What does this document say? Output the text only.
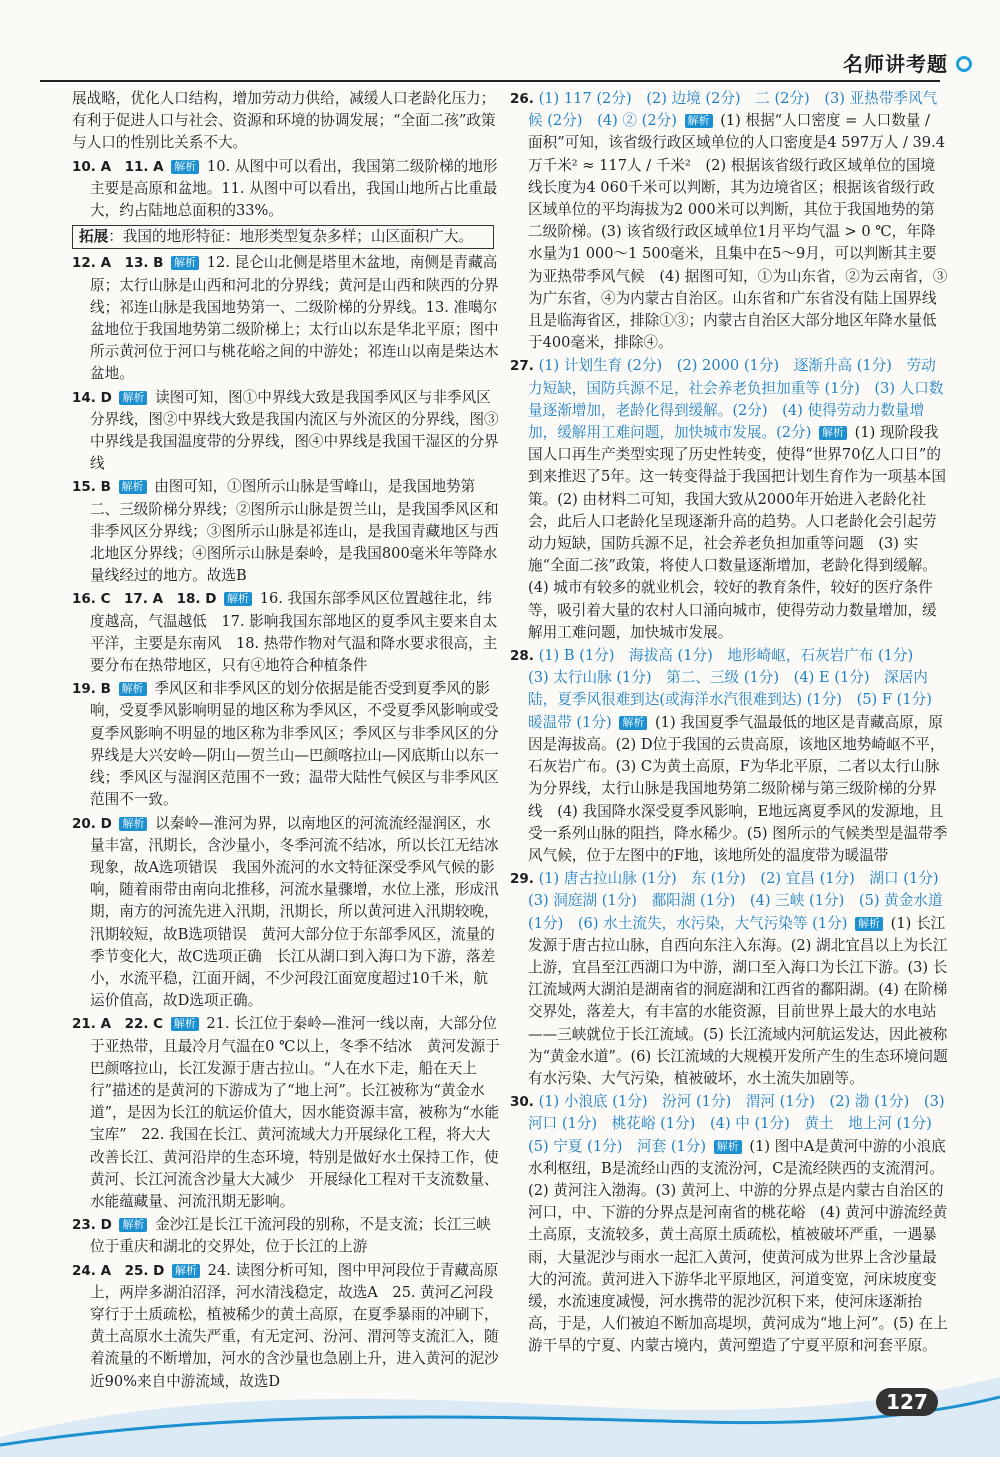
名师讲考题

展战略，优化人口结构，增加劳动力供给，减缓人口老龄化压力；有利于促进人口与社会、资源和环境的协调发展；“全面二孩”政策与人口的性别比关系不大。

10. A　11. A 解析 10. 从图中可以看出，我国第二级阶梯的地形主要是高原和盆地。11. 从图中可以看出，我国山地所占比重最大，约占陆地总面积的33%。

拓展：我国的地形特征：地形类型复杂多样；山区面积广大。

12. A　13. B 解析 12. 昆仑山北侧是塔里木盆地，南侧是青藏高原；太行山脉是山西和河北的分界线；黄河是山西和陕西的分界线；祁连山脉是我国地势第一、二级阶梯的分界线。13. 准噶尔盆地位于我国地势第二级阶梯上；太行山以东是华北平原；图中所示黄河位于河口与桃花峪之间的中游处；祁连山以南是柴达木盆地。

14. D 解析 读图可知，图①中界线大致是我国季风区与非季风区分界线，图②中界线大致是我国内流区与外流区的分界线，图③中界线是我国温度带的分界线，图④中界线是我国干湿区的分界线

15. B 解析 由图可知，①图所示山脉是雪峰山，是我国地势第二、三级阶梯分界线；②图所示山脉是贺兰山，是我国季风区和非季风区分界线；③图所示山脉是祁连山，是我国青藏地区与西北地区分界线；④图所示山脉是秦岭，是我国800毫米年等降水量线经过的地方。故选B

16. C　17. A　18. D 解析 16. 我国东部季风区位置越往北，纬度越高，气温越低　17. 影响我国东部地区的夏季风主要来自太平洋，主要是东南风　18. 热带作物对气温和降水要求很高，主要分布在热带地区，只有④地符合种植条件

19. B 解析 季风区和非季风区的划分依据是能否受到夏季风的影响，受夏季风影响明显的地区称为季风区，不受夏季风影响或受夏季风影响不明显的地区称为非季风区；季风区与非季风区的分界线是大兴安岭—阴山—贺兰山—巴颜喀拉山—冈底斯山以东一线；季风区与湿润区范围不一致；温带大陆性气候区与非季风区范围不一致。

20. D 解析 以秦岭—淮河为界，以南地区的河流流经湿润区，水量丰富，汛期长，含沙量小，冬季河流不结冰，所以长江无结冰现象，故A选项错误　我国外流河的水文特征深受季风气候的影响，随着雨带由南向北推移，河流水量骤增，水位上涨，形成汛期，南方的河流先进入汛期，汛期长，所以黄河进入汛期较晚，汛期较短，故B选项错误　黄河大部分位于东部季风区，流量的季节变化大，故C选项正确　长江从湖口到入海口为下游，落差小，水流平稳，江面开阔，不少河段江面宽度超过10千米，航运价值高，故D选项正确。

21. A　22. C 解析 21. 长江位于秦岭—淮河一线以南，大部分位于亚热带，且最冷月气温在0 ℃以上，冬季不结冰　黄河发源于巴颜喀拉山，长江发源于唐古拉山。“人在水下走，船在天上行”描述的是黄河的下游成为了“地上河”。长江被称为“黄金水道”，是因为长江的航运价值大，因水能资源丰富，被称为“水能宝库”　22. 我国在长江、黄河流域大力开展绿化工程，将大大改善长江、黄河沿岸的生态环境，特别是做好水土保持工作，使黄河、长江河流含沙量大大减少　开展绿化工程对干支流数量、水能蕴藏量、河流汛期无影响。

23. D 解析 金沙江是长江干流河段的别称，不是支流；长江三峡位于重庆和湖北的交界处，位于长江的上游

24. A　25. D 解析 24. 读图分析可知，图中甲河段位于青藏高原上，两岸多湖泊沼泽，河水清浅稳定，故选A　25. 黄河乙河段穿行于土质疏松，植被稀少的黄土高原，在夏季暴雨的冲刷下，黄土高原水土流失严重，有无定河、汾河、渭河等支流汇入，随着流量的不断增加，河水的含沙量也急剧上升，进入黄河的泥沙近90%来自中游流域，故选D

26. (1) 117 (2分)　(2) 边境 (2分)　二 (2分)　(3) 亚热带季风气候 (2分)　(4) ② (2分) 解析 (1) 根据“人口密度 = 人口数量 / 面积”可知，该省级行政区域单位的人口密度是4 597万人 / 39.4万千米² ≈ 117人 / 千米²　(2) 根据该省级行政区域单位的国境线长度为4 060千米可以判断，其为边境省区；根据该省级行政区域单位的平均海拔为2 000米可以判断，其位于我国地势的第二级阶梯。(3) 该省级行政区域单位1月平均气温 > 0 ℃，年降水量为1 000～1 500毫米，且集中在5～9月，可以判断其主要为亚热带季风气候　(4) 据图可知，①为山东省，②为云南省，③为广东省，④为内蒙古自治区。山东省和广东省没有陆上国界线且是临海省区，排除①③；内蒙古自治区大部分地区年降水量低于400毫米，排除④。

27. (1) 计划生育 (2分)　(2) 2000 (1分)　逐渐升高 (1分)　劳动力短缺，国防兵源不足，社会养老负担加重等 (1分)　(3) 人口数量逐渐增加，老龄化得到缓解。(2分)　(4) 使得劳动力数量增加，缓解用工难问题，加快城市发展。(2分) 解析 (1) 现阶段我国人口再生产类型实现了历史性转变，使得“世界70亿人口日”的到来推迟了5年。这一转变得益于我国把计划生育作为一项基本国策。(2) 由材料二可知，我国大致从2000年开始进入老龄化社会，此后人口老龄化呈现逐渐升高的趋势。人口老龄化会引起劳动力短缺，国防兵源不足，社会养老负担加重等问题　(3) 实施“全面二孩”政策，将使人口数量逐渐增加，老龄化得到缓解。(4) 城市有较多的就业机会，较好的教育条件，较好的医疗条件等，吸引着大量的农村人口涌向城市，使得劳动力数量增加，缓解用工难问题，加快城市发展。

28. (1) B (1分)　海拔高 (1分)　地形崎岖，石灰岩广布 (1分)　(3) 太行山脉 (1分)　第二、三级 (1分)　(4) E (1分)　深居内陆，夏季风很难到达(或海洋水汽很难到达) (1分)　(5) F (1分)　暖温带 (1分) 解析 (1) 我国夏季气温最低的地区是青藏高原，原因是海拔高。(2) D位于我国的云贵高原，该地区地势崎岖不平，石灰岩广布。(3) C为黄土高原，F为华北平原，二者以太行山脉为分界线，太行山脉是我国地势第二级阶梯与第三级阶梯的分界线　(4) 我国降水深受夏季风影响，E地远离夏季风的发源地，且受一系列山脉的阻挡，降水稀少。(5) 图所示的气候类型是温带季风气候，位于左图中的F地，该地所处的温度带为暖温带

29. (1) 唐古拉山脉 (1分)　东 (1分)　(2) 宜昌 (1分)　湖口 (1分)　(3) 洞庭湖 (1分)　鄱阳湖 (1分)　(4) 三峡 (1分)　(5) 黄金水道 (1分)　(6) 水土流失，水污染，大气污染等 (1分) 解析 (1) 长江发源于唐古拉山脉，自西向东注入东海。(2) 湖北宜昌以上为长江上游，宜昌至江西湖口为中游，湖口至入海口为长江下游。(3) 长江流域两大湖泊是湖南省的洞庭湖和江西省的鄱阳湖。(4) 在阶梯交界处，落差大，有丰富的水能资源，目前世界上最大的水电站——三峡就位于长江流域。(5) 长江流域内河航运发达，因此被称为“黄金水道”。(6) 长江流域的大规模开发所产生的生态环境问题有水污染、大气污染，植被破坏，水土流失加剧等。

30. (1) 小浪底 (1分)　汾河 (1分)　渭河 (1分)　(2) 渤 (1分)　(3) 河口 (1分)　桃花峪 (1分)　(4) 中 (1分)　黄土　地上河 (1分)　(5) 宁夏 (1分)　河套 (1分) 解析 (1) 图中A是黄河中游的小浪底水利枢纽，B是流经山西的支流汾河，C是流经陕西的支流渭河。(2) 黄河注入渤海。(3) 黄河上、中游的分界点是内蒙古自治区的河口，中、下游的分界点是河南省的桃花峪　(4) 黄河中游流经黄土高原，支流较多，黄土高原土质疏松，植被破坏严重，一遇暴雨，大量泥沙与雨水一起汇入黄河，使黄河成为世界上含沙量最大的河流。黄河进入下游华北平原地区，河道变宽，河床坡度变缓，水流速度减慢，河水携带的泥沙沉积下来，使河床逐渐抬高，于是，人们被迫不断加高堤坝，黄河成为“地上河”。(5) 在上游干旱的宁夏、内蒙古境内，黄河塑造了宁夏平原和河套平原。

127
